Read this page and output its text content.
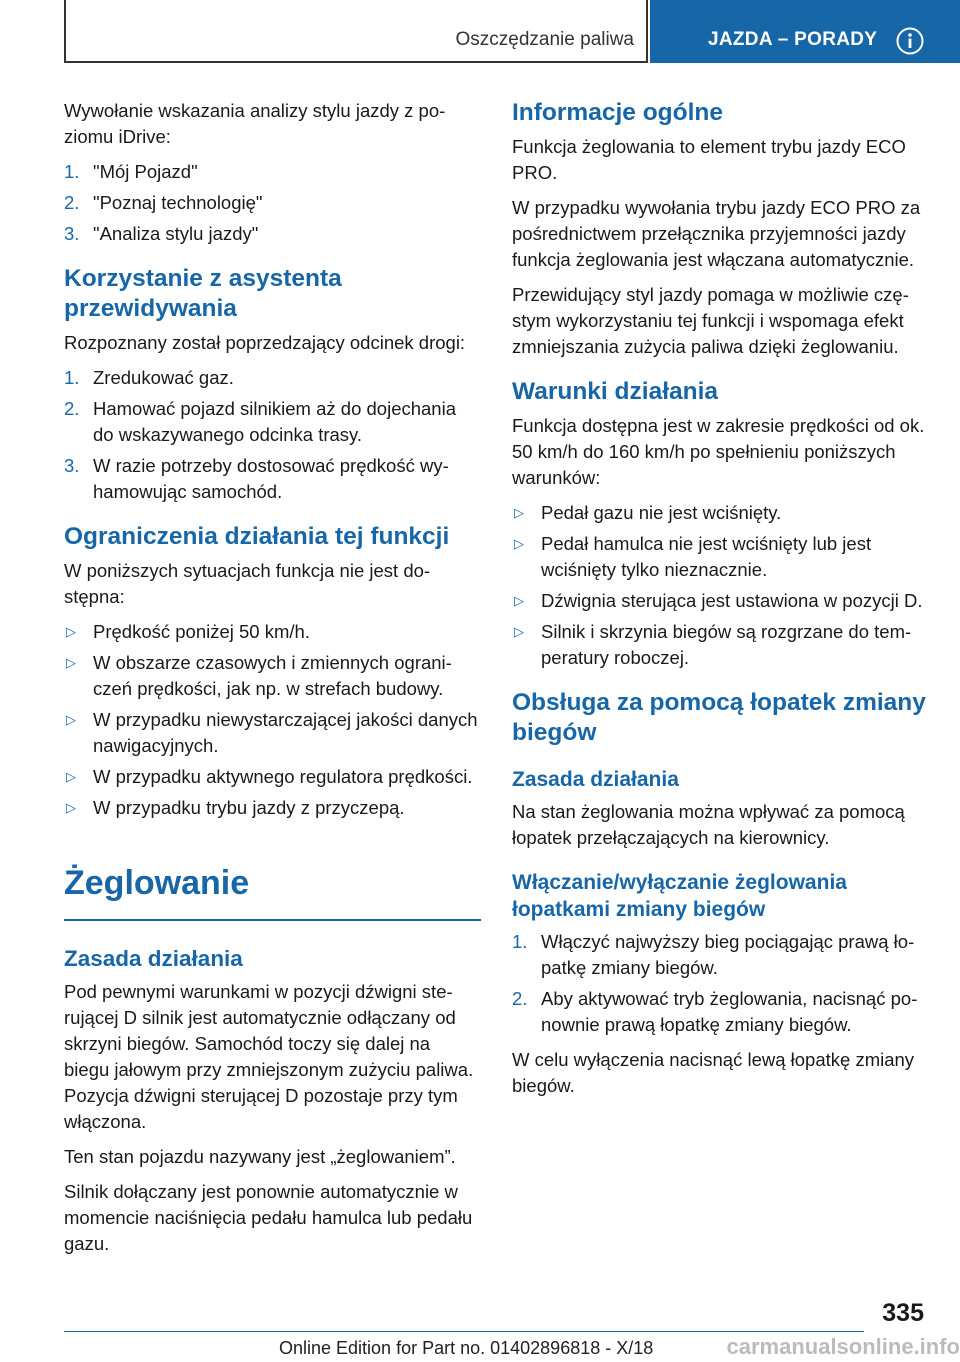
Oszczędzanie paliwa	JAZDA – PORADY

Wywołanie wskazania analizy stylu jazdy z poziomu iDrive:

1. "Mój Pojazd"
2. "Poznaj technologię"
3. "Analiza stylu jazdy"
Korzystanie z asystenta przewidywania

Rozpoznany został poprzedzający odcinek drogi:

1. Zredukować gaz.
2. Hamować pojazd silnikiem aż do dojechania do wskazywanego odcinka trasy.
3. W razie potrzeby dostosować prędkość wyhamowując samochód.
Ograniczenia działania tej funkcji

W poniższych sytuacjach funkcja nie jest dostępna:

▷ Prędkość poniżej 50 km/h.
▷ W obszarze czasowych i zmiennych ograniczeń prędkości, jak np. w strefach budowy.
▷ W przypadku niewystarczającej jakości danych nawigacyjnych.
▷ W przypadku aktywnego regulatora prędkości.
▷ W przypadku trybu jazdy z przyczepą.
Żeglowanie
Zasada działania

Pod pewnymi warunkami w pozycji dźwigni sterującej D silnik jest automatycznie odłączany od skrzyni biegów. Samochód toczy się dalej na biegu jałowym przy zmniejszonym zużyciu paliwa. Pozycja dźwigni sterującej D pozostaje przy tym włączona.

Ten stan pojazdu nazywany jest „żeglowaniem”.

Silnik dołączany jest ponownie automatycznie w momencie naciśnięcia pedału hamulca lub pedału gazu.

Informacje ogólne

Funkcja żeglowania to element trybu jazdy ECO PRO.

W przypadku wywołania trybu jazdy ECO PRO za pośrednictwem przełącznika przyjemności jazdy funkcja żeglowania jest włączana automatycznie.

Przewidujący styl jazdy pomaga w możliwie częstym wykorzystaniu tej funkcji i wspomaga efekt zmniejszania zużycia paliwa dzięki żeglowaniu.

Warunki działania

Funkcja dostępna jest w zakresie prędkości od ok. 50 km/h do 160 km/h po spełnieniu poniższych warunków:

▷ Pedał gazu nie jest wciśnięty.
▷ Pedał hamulca nie jest wciśnięty lub jest wciśnięty tylko nieznacznie.
▷ Dźwignia sterująca jest ustawiona w pozycji D.
▷ Silnik i skrzynia biegów są rozgrzane do temperatury roboczej.
Obsługa za pomocą łopatek zmiany biegów
Zasada działania

Na stan żeglowania można wpływać za pomocą łopatek przełączających na kierownicy.

Włączanie/wyłączanie żeglowania łopatkami zmiany biegów
1. Włączyć najwyższy bieg pociągając prawą łopatkę zmiany biegów.
2. Aby aktywować tryb żeglowania, nacisnąć ponownie prawą łopatkę zmiany biegów.

W celu wyłączenia nacisnąć lewą łopatkę zmiany biegów.

335
Online Edition for Part no. 01402896818 - X/18	carmanualsonline.info
